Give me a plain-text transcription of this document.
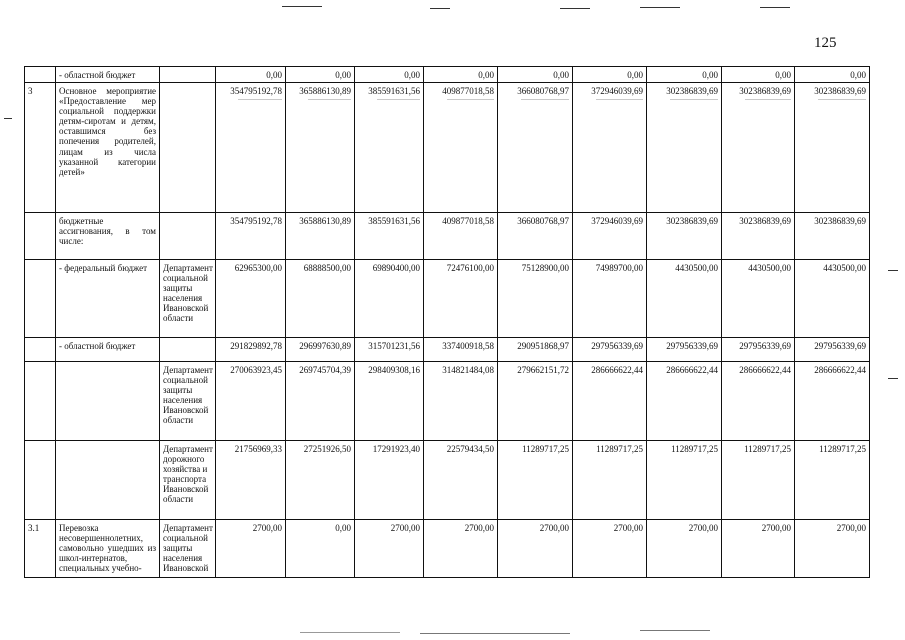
125
	- областной бюджет		0,00	0,00	0,00	0,00	0,00	0,00	0,00	0,00	0,00

3	Основное мероприятие «Предоставление мер социальной поддержки детям-сиротам и детям, оставшимся без попечения родителей, лицам из числа указанной категории детей»		354795192,78	365886130,89	385591631,56	409877018,58	366080768,97	372946039,69	302386839,69	302386839,69	302386839,69

	бюджетные ассигнования, в том числе:		354795192,78	365886130,89	385591631,56	409877018,58	366080768,97	372946039,69	302386839,69	302386839,69	302386839,69

	- федеральный бюджет	Департамент социальной защиты населения Ивановской области	62965300,00	68888500,00	69890400,00	72476100,00	75128900,00	74989700,00	4430500,00	4430500,00	4430500,00

	- областной бюджет		291829892,78	296997630,89	315701231,56	337400918,58	290951868,97	297956339,69	297956339,69	297956339,69	297956339,69

		Департамент социальной защиты населения Ивановской области	270063923,45	269745704,39	298409308,16	314821484,08	279662151,72	286666622,44	286666622,44	286666622,44	286666622,44

		Департамент дорожного хозяйства и транспорта Ивановской области	21756969,33	27251926,50	17291923,40	22579434,50	11289717,25	11289717,25	11289717,25	11289717,25	11289717,25

3.1	Перевозка несовершеннолетних, самовольно ушедших из школ-интернатов, специальных учебно-	Департамент социальной защиты населения Ивановской	2700,00	0,00	2700,00	2700,00	2700,00	2700,00	2700,00	2700,00	2700,00
